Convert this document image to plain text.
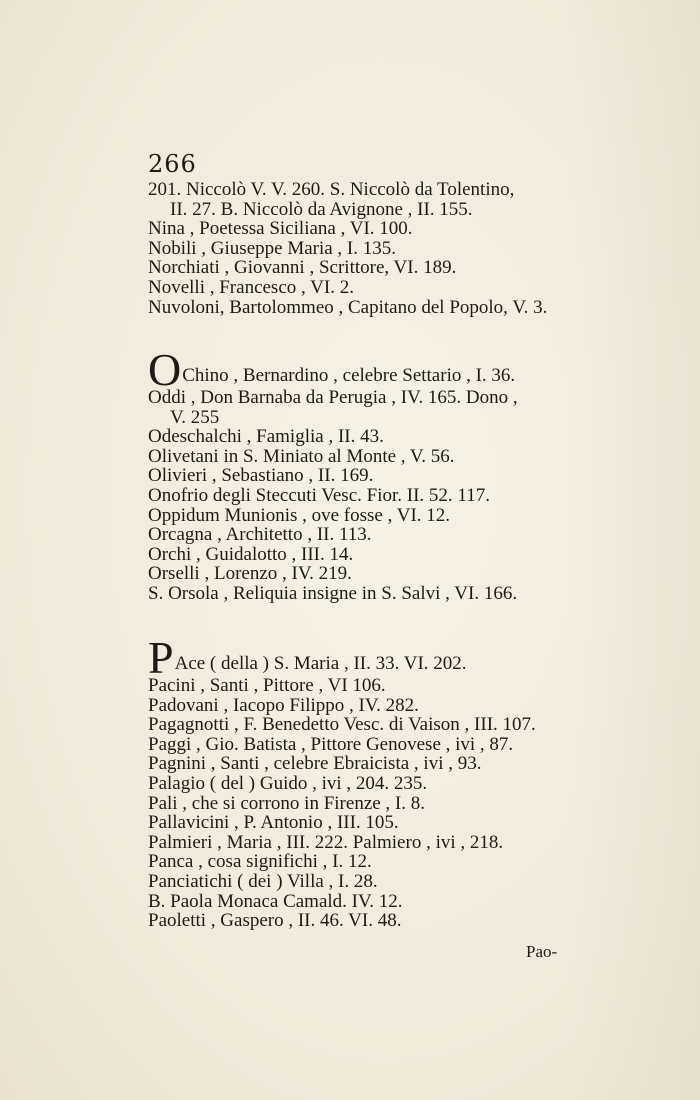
266
201. Niccolò V. V. 260. S. Niccolò da Tolentino,
II. 27. B. Niccolò da Avignone , II. 155.
Nina , Poetessa Siciliana , VI. 100.
Nobili , Giuseppe Maria , I. 135.
Norchiati , Giovanni , Scrittore, VI. 189.
Novelli , Francesco , VI. 2.
Nuvoloni, Bartolommeo , Capitano del Popolo, V. 3.
OChino , Bernardino , celebre Settario , I. 36.
Oddi , Don Barnaba da Perugia , IV. 165. Dono ,
V. 255
Odeschalchi , Famiglia , II. 43.
Olivetani in S. Miniato al Monte , V. 56.
Olivieri , Sebastiano , II. 169.
Onofrio degli Steccuti Vesc. Fior. II. 52. 117.
Oppidum Munionis , ove fosse , VI. 12.
Orcagna , Architetto , II. 113.
Orchi , Guidalotto , III. 14.
Orselli , Lorenzo , IV. 219.
S. Orsola , Reliquia insigne in S. Salvi , VI. 166.
PAce ( della ) S. Maria , II. 33. VI. 202.
Pacini , Santi , Pittore , VI 106.
Padovani , Iacopo Filippo , IV. 282.
Pagagnotti , F. Benedetto Vesc. di Vaison , III. 107.
Paggi , Gio. Batista , Pittore Genovese , ivi , 87.
Pagnini , Santi , celebre Ebraicista , ivi , 93.
Palagio ( del ) Guido , ivi , 204. 235.
Pali , che si corrono in Firenze , I. 8.
Pallavicini , P. Antonio , III. 105.
Palmieri , Maria , III. 222. Palmiero , ivi , 218.
Panca , cosa significhi , I. 12.
Panciatichi ( dei ) Villa , I. 28.
B. Paola Monaca Camald. IV. 12.
Paoletti , Gaspero , II. 46. VI. 48.
Pao-
